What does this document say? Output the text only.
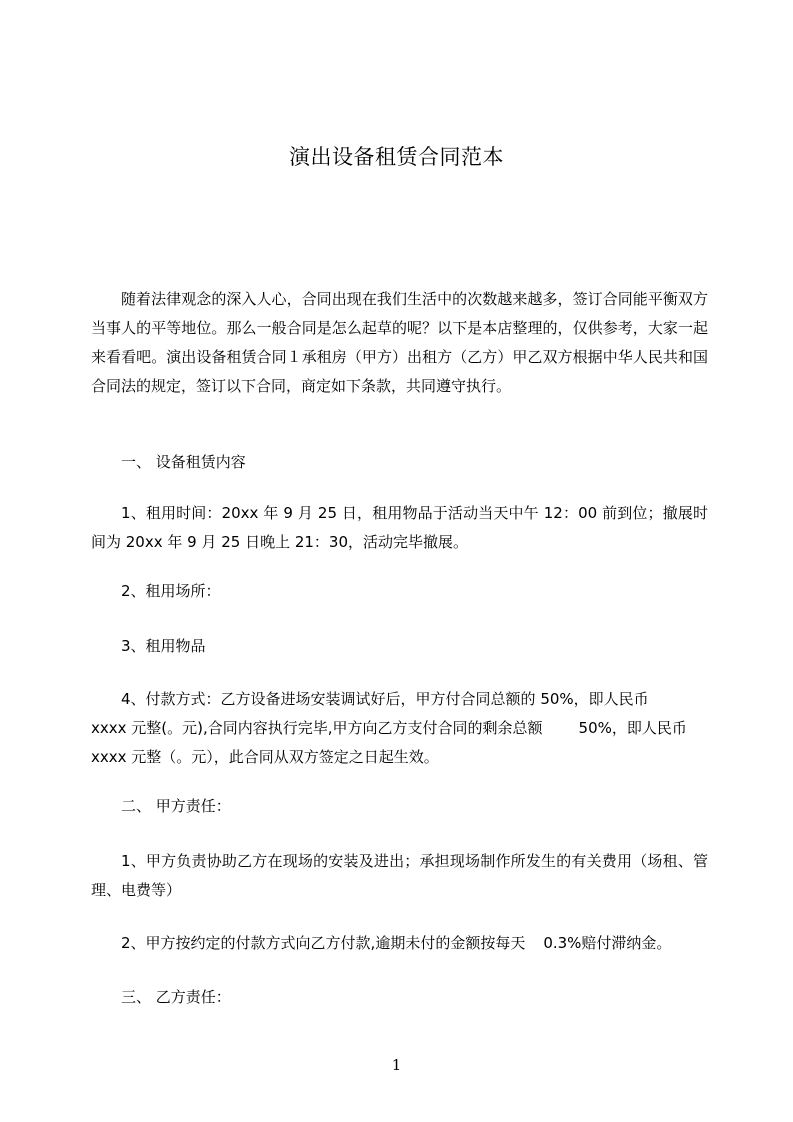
演出设备租赁合同范本
随着法律观念的深入人心，合同出现在我们生活中的次数越来越多，签订合同能平衡双方当事人的平等地位。那么一般合同是怎么起草的呢？以下是本店整理的，仅供参考，大家一起来看看吧。演出设备租赁合同１承租房（甲方）出租方（乙方）甲乙双方根据中华人民共和国合同法的规定，签订以下合同，商定如下条款，共同遵守执行。
一、 设备租赁内容
1、租用时间：20xx 年 9 月 25 日，租用物品于活动当天中午 12：00 前到位；撤展时间为 20xx 年 9 月 25 日晚上 21：30，活动完毕撤展。
2、租用场所：
3、租用物品
4、付款方式：乙方设备进场安装调试好后，甲方付合同总额的 50%，即人民币
xxxx 元整(。元),合同内容执行完毕,甲方向乙方支付合同的剩余总额 50%，即人民币 xxxx 元整（。元），此合同从双方签定之日起生效。
二、 甲方责任：
1、甲方负责协助乙方在现场的安装及进出；承担现场制作所发生的有关费用（场租、管理、电费等）
2、甲方按约定的付款方式向乙方付款,逾期未付的金额按每天 0.3%赔付滞纳金。
三、 乙方责任：
1
